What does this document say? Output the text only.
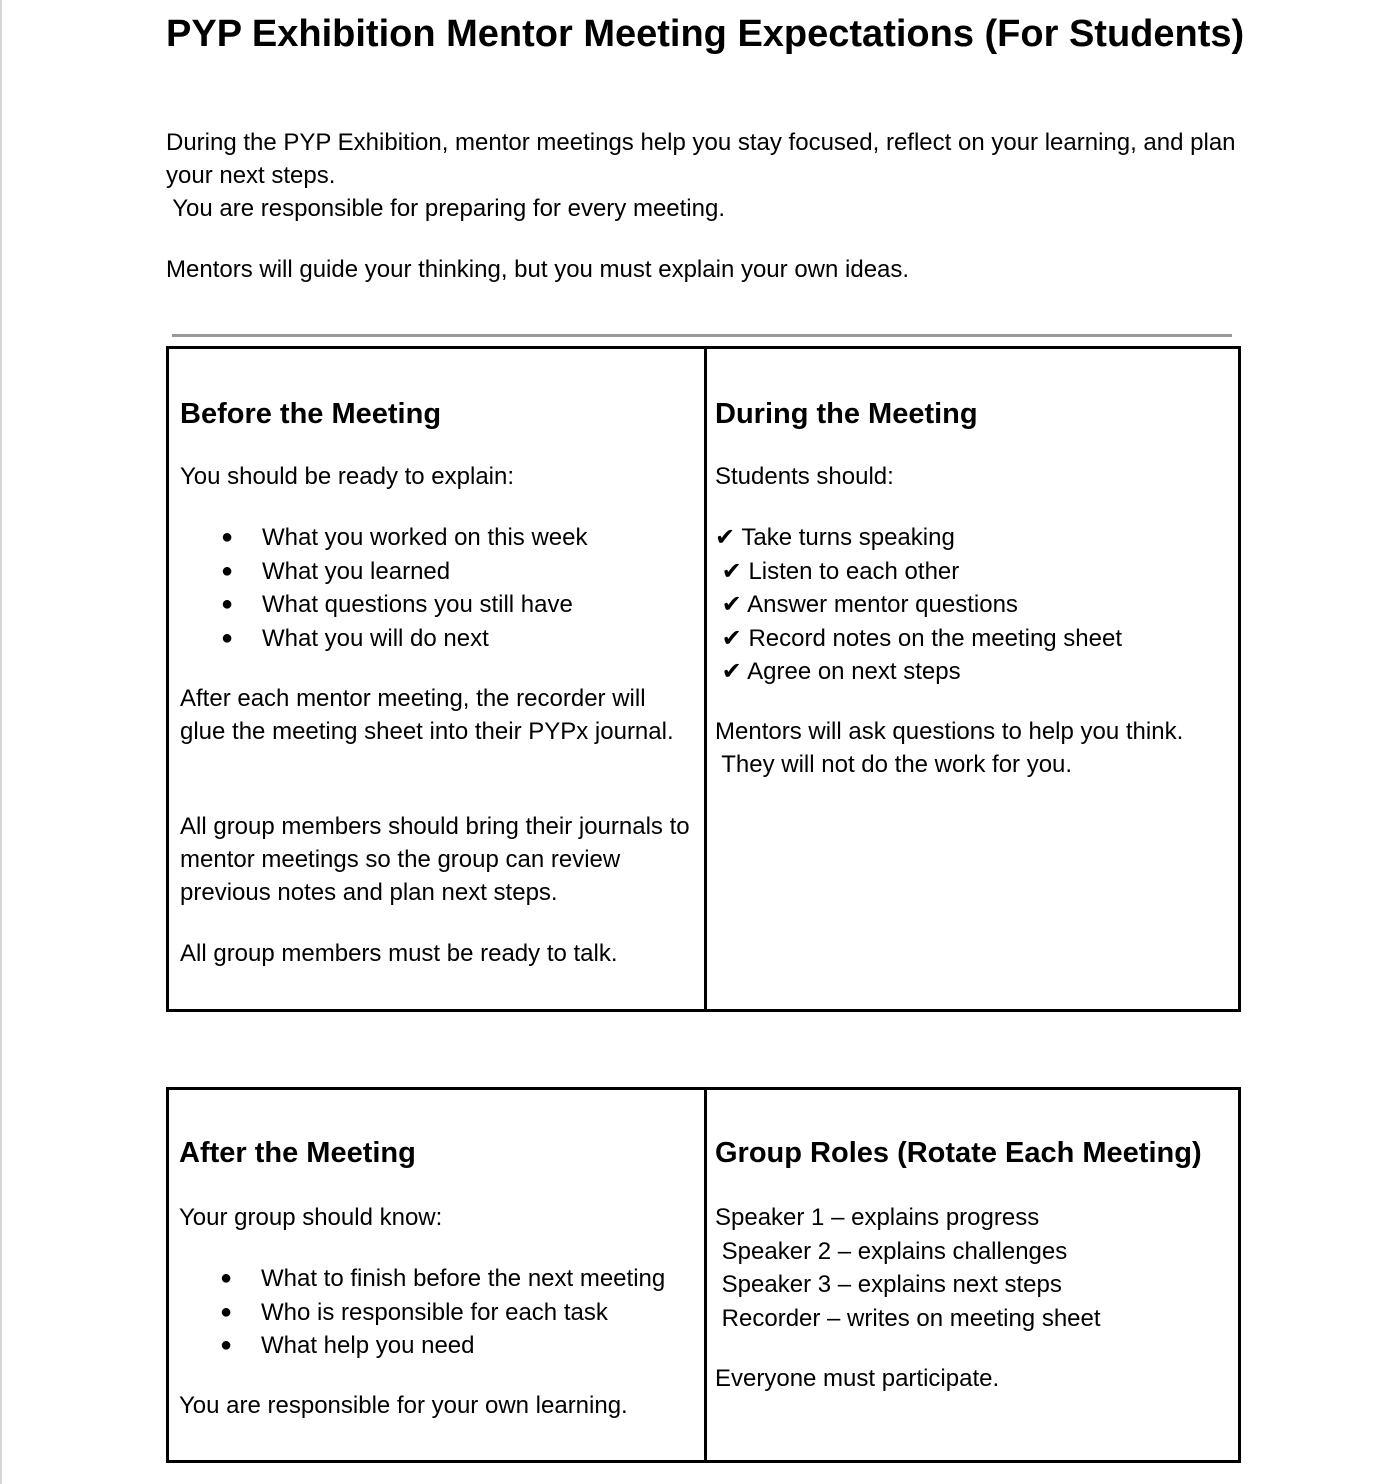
PYP Exhibition Mentor Meeting Expectations (For Students)

During the PYP Exhibition, mentor meetings help you stay focused, reflect on your learning, and plan your next steps.

You are responsible for preparing for every meeting.

Mentors will guide your thinking, but you must explain your own ideas.

Before the Meeting

You should be ready to explain:

● What you worked on this week
● What you learned
● What questions you still have
● What you will do next

After each mentor meeting, the recorder will glue the meeting sheet into their PYPx journal.

All group members should bring their journals to mentor meetings so the group can review previous notes and plan next steps.

All group members must be ready to talk.

During the Meeting

Students should:

✔ Take turns speaking
✔ Listen to each other
✔ Answer mentor questions
✔ Record notes on the meeting sheet
✔ Agree on next steps

Mentors will ask questions to help you think.

They will not do the work for you.

After the Meeting

Your group should know:

● What to finish before the next meeting
● Who is responsible for each task
● What help you need

You are responsible for your own learning.

Group Roles (Rotate Each Meeting)
Speaker 1 – explains progress
Speaker 2 – explains challenges
Speaker 3 – explains next steps
Recorder – writes on meeting sheet

Everyone must participate.
